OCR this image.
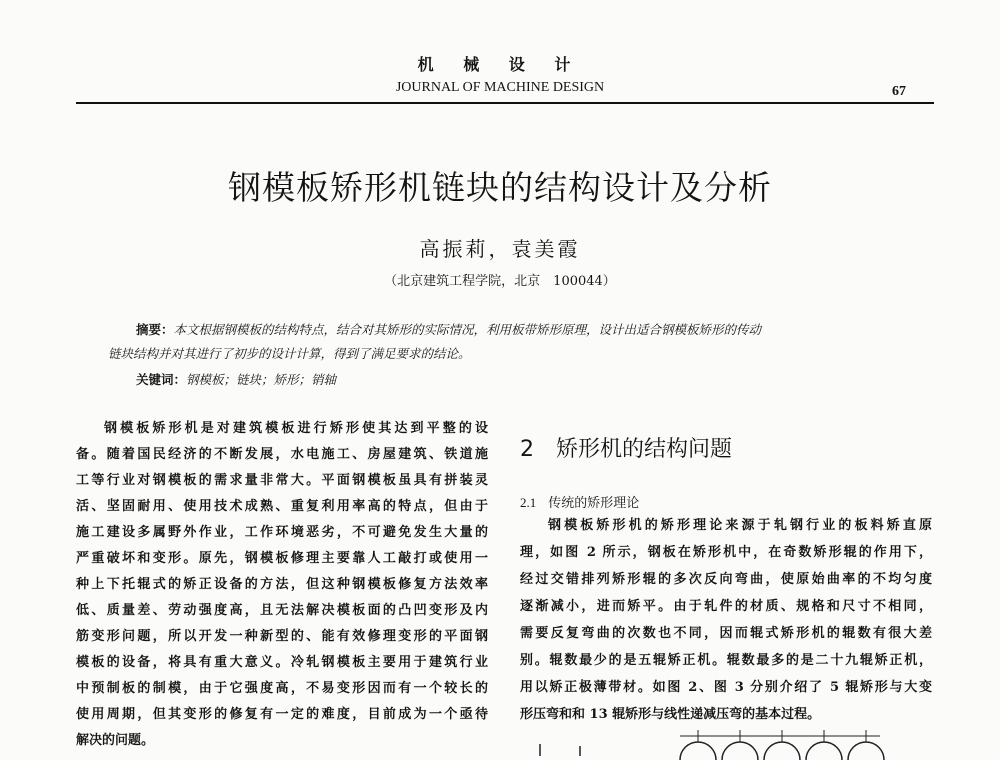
机 械 设 计
JOURNAL OF MACHINE DESIGN	67
钢模板矫形机链块的结构设计及分析
高振莉，袁美霞
（北京建筑工程学院，北京　100044）
摘要：本文根据钢模板的结构特点，结合对其矫形的实际情况，利用板带矫形原理，设计出适合钢模板矫形的传动
链块结构并对其进行了初步的设计计算，得到了满足要求的结论。
关键词：钢模板；链块；矫形；销轴
钢模板矫形机是对建筑模板进行矫形使其达到平整的设
备。随着国民经济的不断发展，水电施工、房屋建筑、铁道施
工等行业对钢模板的需求量非常大。平面钢模板虽具有拼装灵
活、坚固耐用、使用技术成熟、重复利用率高的特点，但由于
施工建设多属野外作业，工作环境恶劣，不可避免发生大量的
严重破坏和变形。原先，钢模板修理主要靠人工敲打或使用一
种上下托辊式的矫正设备的方法，但这种钢模板修复方法效率
低、质量差、劳动强度高，且无法解决模板面的凸凹变形及内
筋变形问题，所以开发一种新型的、能有效修理变形的平面钢
模板的设备，将具有重大意义。冷轧钢模板主要用于建筑行业
中预制板的制模，由于它强度高，不易变形因而有一个较长的
使用周期，但其变形的修复有一定的难度，目前成为一个亟待
解决的问题。
2 矫形机的结构问题
2.1 传统的矫形理论
钢模板矫形机的矫形理论来源于轧钢行业的板料矫直原
理，如图 2 所示，钢板在矫形机中，在奇数矫形辊的作用下，
经过交错排列矫形辊的多次反向弯曲，使原始曲率的不均匀度
逐渐减小，进而矫平。由于轧件的材质、规格和尺寸不相同，
需要反复弯曲的次数也不同，因而辊式矫形机的辊数有很大差
别。辊数最少的是五辊矫正机。辊数最多的是二十九辊矫正机，
用以矫正极薄带材。如图 2、图 3 分别介绍了 5 辊矫形与大变
形压弯和和 13 辊矫形与线性递减压弯的基本过程。
